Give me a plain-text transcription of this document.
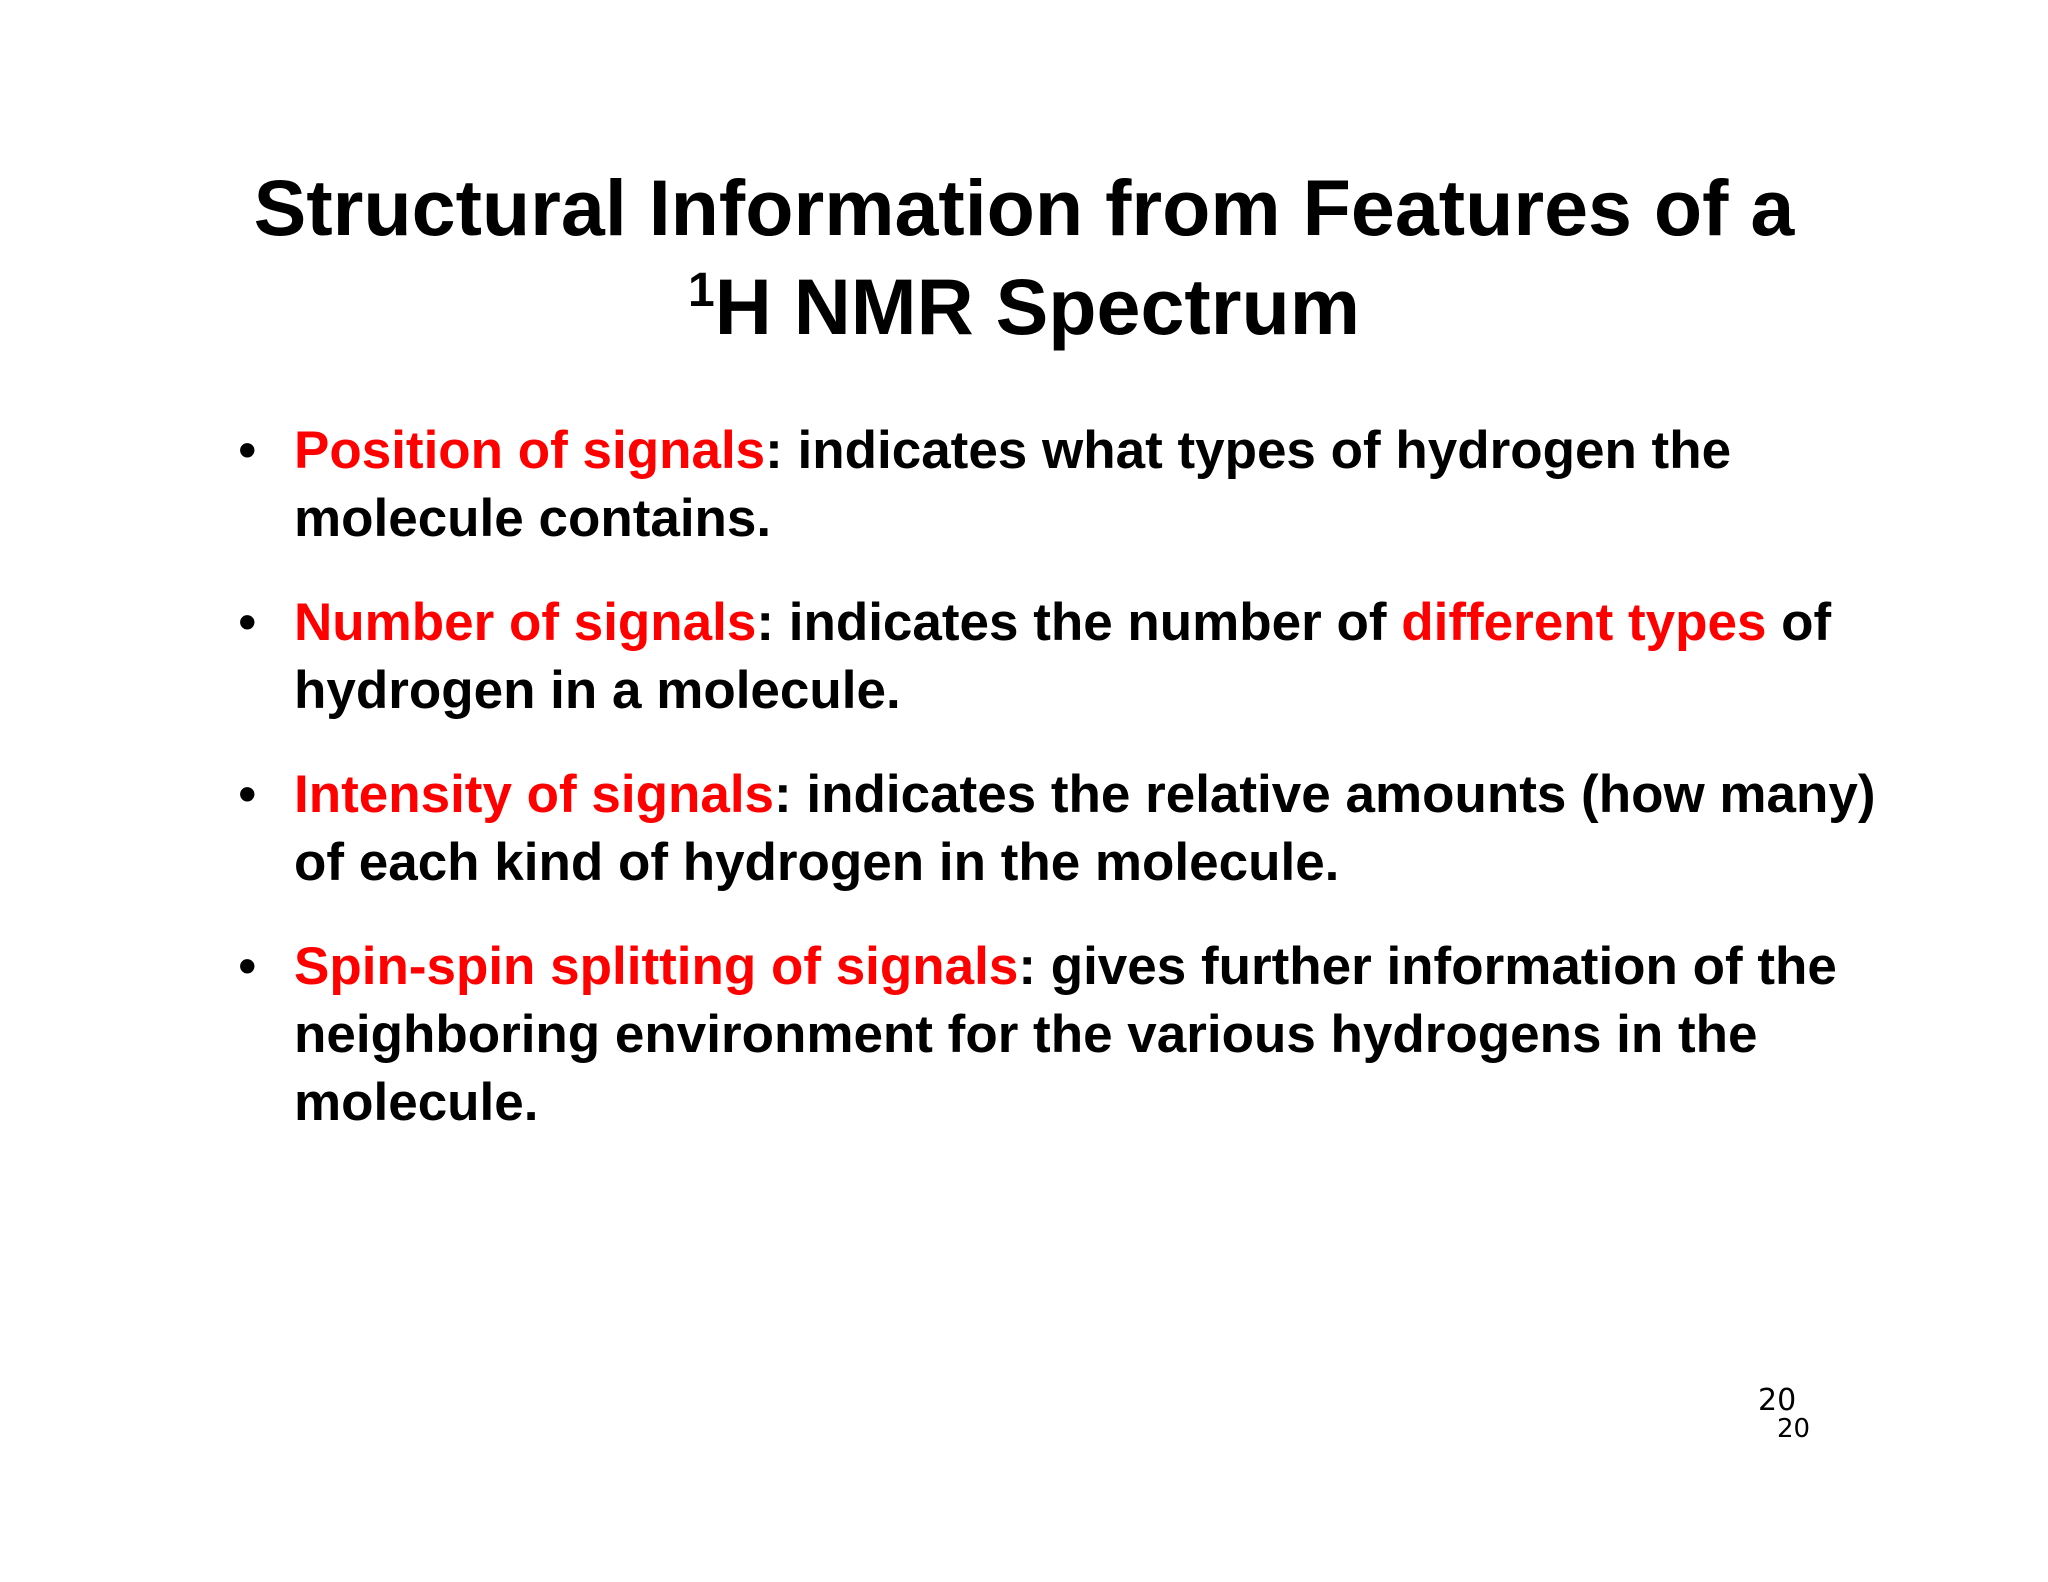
Structural Information from Features of a
$^1$H NMR Spectrum
• Position of signals: indicates what types of hydrogen the molecule contains.
• Number of signals: indicates the number of different types of hydrogen in a molecule.
• Intensity of signals: indicates the relative amounts (how many) of each kind of hydrogen in the molecule.
• Spin-spin splitting of signals: gives further information of the neighboring environment for the various hydrogens in the molecule.
20
20
